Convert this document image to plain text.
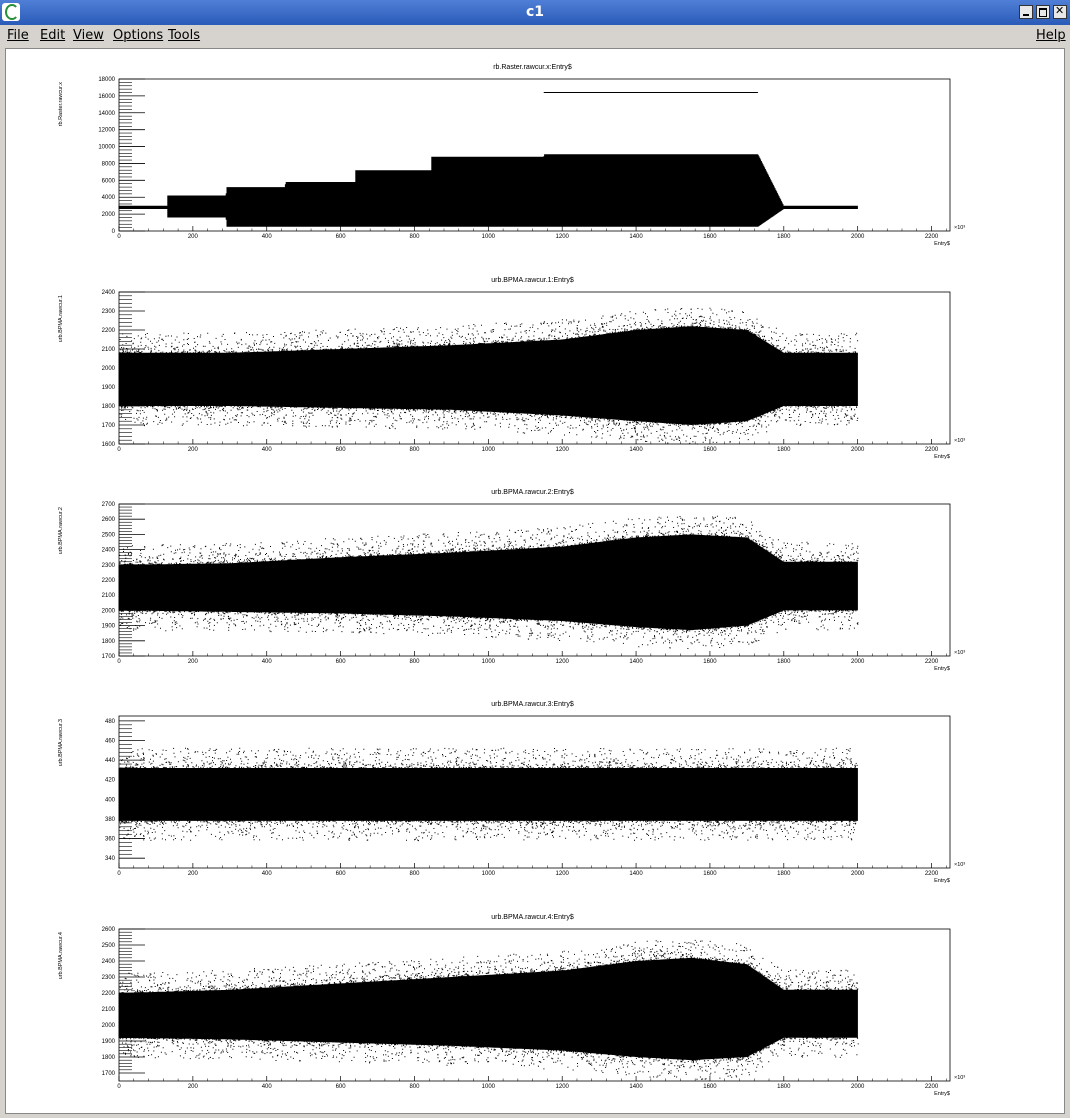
c1
✕
File Edit View Options Tools	Help
rb.Raster.rawcur.x:Entry$
rb.Raster.rawcur.x
Entry$
×10³
0
2000
4000
6000
8000
10000
12000
14000
16000
18000
0	200	400	600	800	1000	1200	1400	1600	1800	2000	2200
urb.BPMA.rawcur.1:Entry$
urb.BPMA.rawcur.1
Entry$
×10³
1600
1700
1800
1900
2000
2100
2200
2300
2400
0	200	400	600	800	1000	1200	1400	1600	1800	2000	2200
urb.BPMA.rawcur.2:Entry$
urb.BPMA.rawcur.2
Entry$
×10³
1700
1800
1900
2000
2100
2200
2300
2400
2500
2600
2700
0	200	400	600	800	1000	1200	1400	1600	1800	2000	2200
urb.BPMA.rawcur.3:Entry$
urb.BPMA.rawcur.3
Entry$
×10³
340
360
380
400
420
440
460
480
0	200	400	600	800	1000	1200	1400	1600	1800	2000	2200
urb.BPMA.rawcur.4:Entry$
urb.BPMA.rawcur.4
Entry$
×10³
1700
1800
1900
2000
2100
2200
2300
2400
2500
2600
0	200	400	600	800	1000	1200	1400	1600	1800	2000	2200
